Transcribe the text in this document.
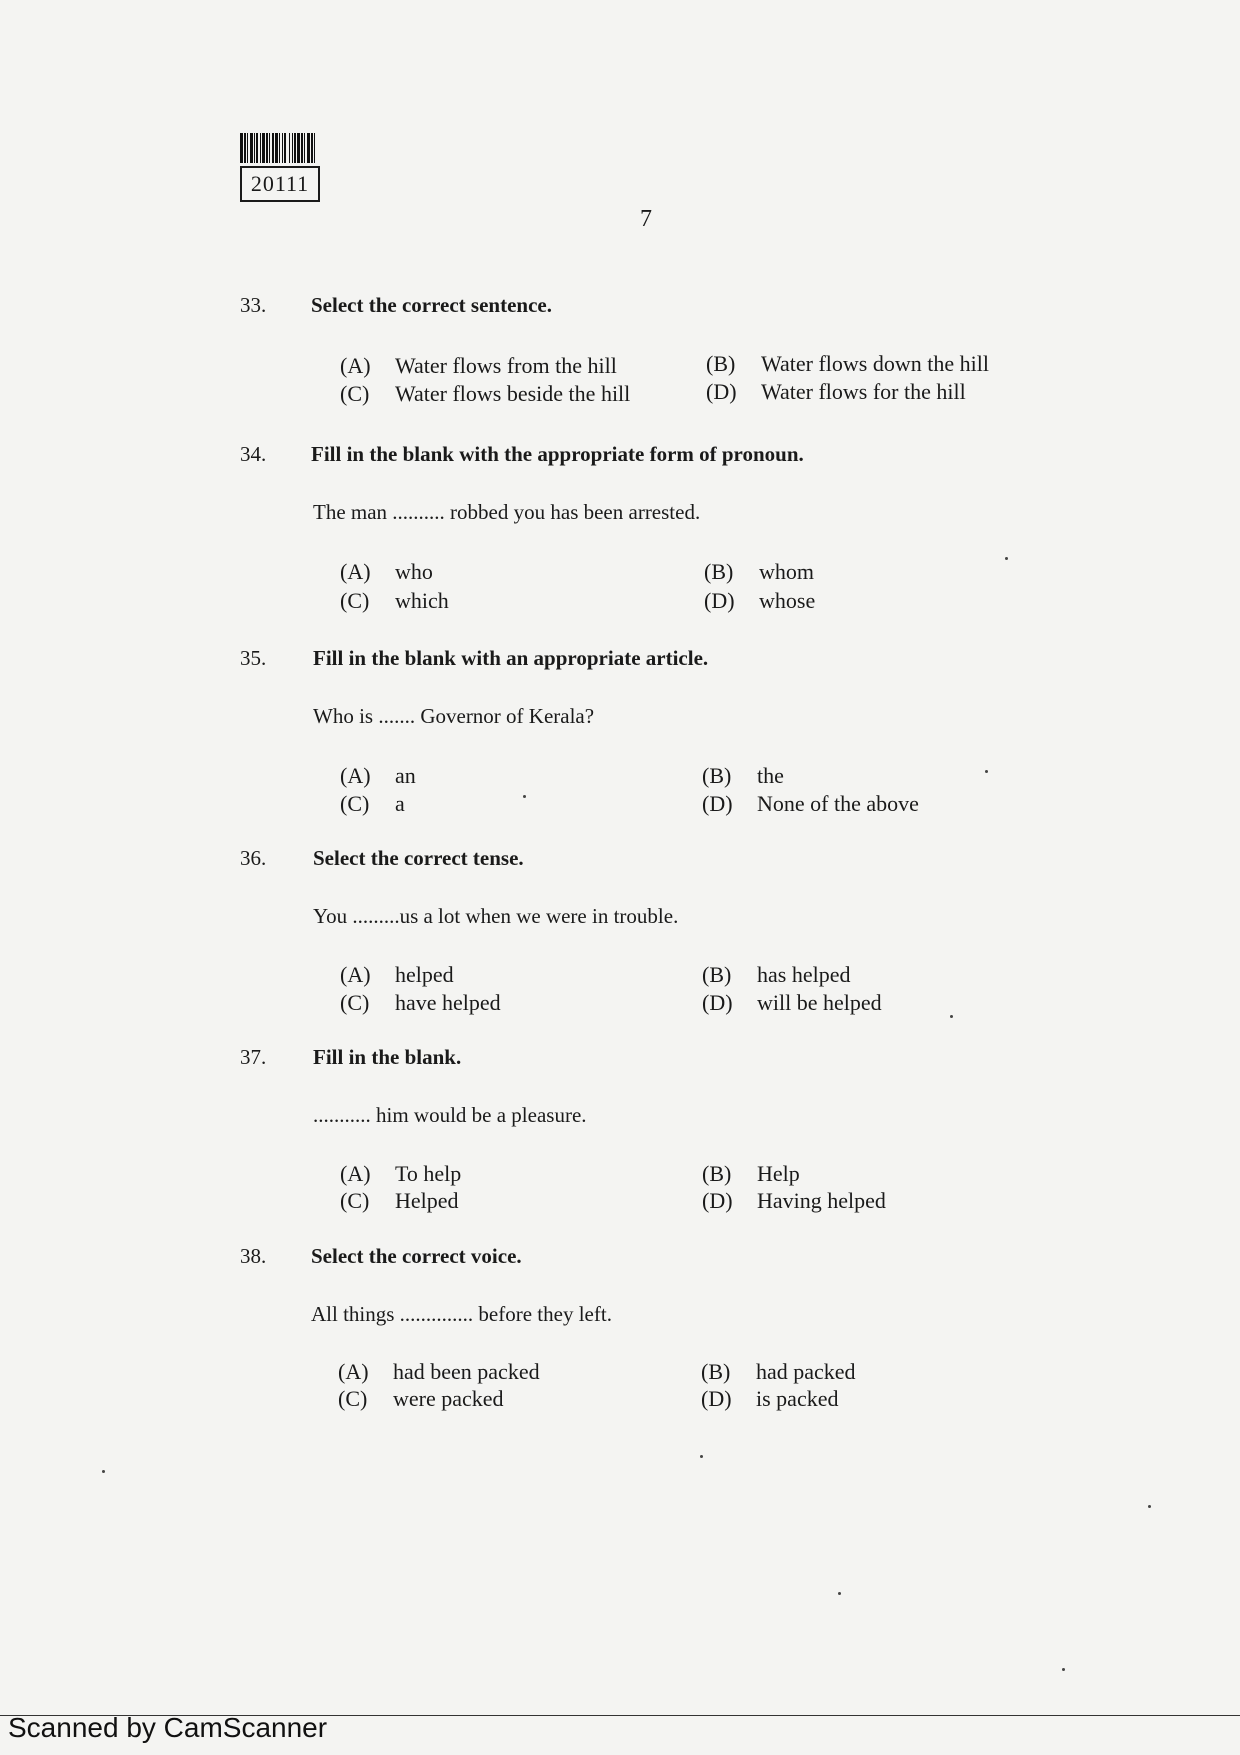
20111
7
33. Select the correct sentence.
(A) Water flows from the hill	(B) Water flows down the hill
(C) Water flows beside the hill	(D) Water flows for the hill
34. Fill in the blank with the appropriate form of pronoun.
The man .......... robbed you has been arrested.
(A) who	(B) whom
(C) which	(D) whose
35. Fill in the blank with an appropriate article.
Who is ....... Governor of Kerala?
(A) an	(B) the
(C) a	(D) None of the above
36. Select the correct tense.
You .........us a lot when we were in trouble.
(A) helped	(B) has helped
(C) have helped	(D) will be helped
37. Fill in the blank.
........... him would be a pleasure.
(A) To help	(B) Help
(C) Helped	(D) Having helped
38. Select the correct voice.
All things .............. before they left.
(A) had been packed	(B) had packed
(C) were packed	(D) is packed
Scanned by CamScanner
